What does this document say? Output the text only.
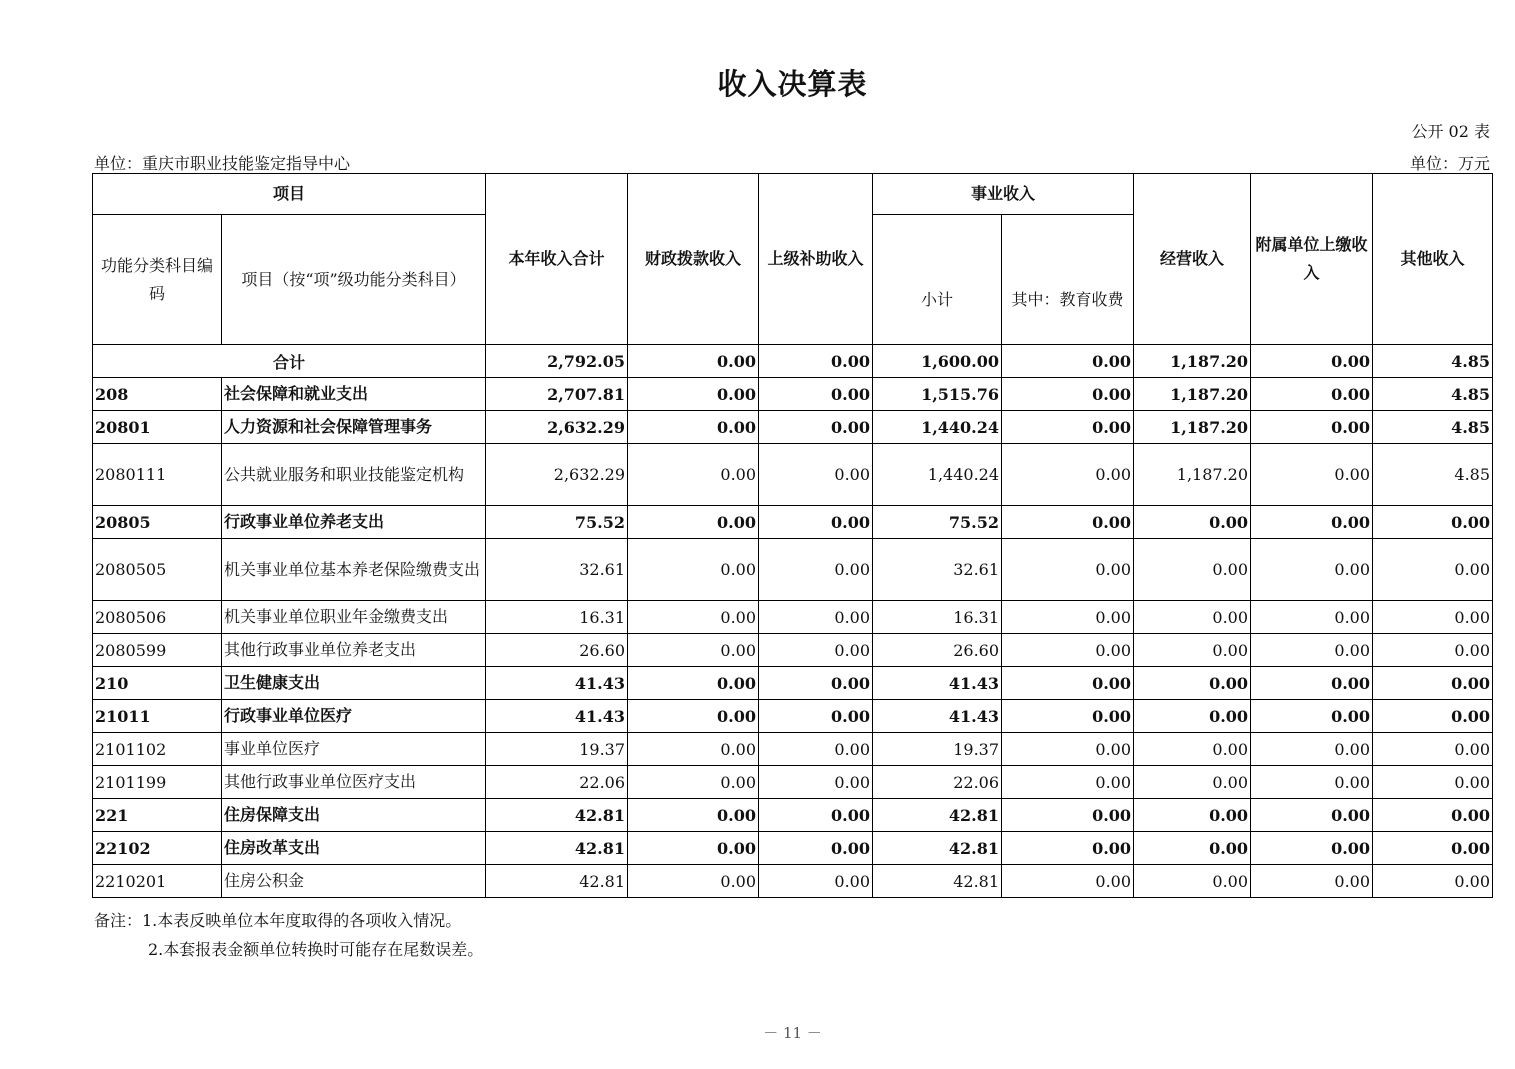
收入决算表
公开 02 表
单位：重庆市职业技能鉴定指导中心	单位：万元
项目		本年收入合计	财政拨款收入	上级补助收入	事业收入		经营收入	附属单位上缴收入	其他收入
功能分类科目编码	项目（按“项”级功能分类科目）				小计	其中：教育收费			
合计		2,792.05	0.00	0.00	1,600.00	0.00	1,187.20	0.00	4.85
208	社会保障和就业支出	2,707.81	0.00	0.00	1,515.76	0.00	1,187.20	0.00	4.85
20801	人力资源和社会保障管理事务	2,632.29	0.00	0.00	1,440.24	0.00	1,187.20	0.00	4.85
2080111	公共就业服务和职业技能鉴定机构	2,632.29	0.00	0.00	1,440.24	0.00	1,187.20	0.00	4.85
20805	行政事业单位养老支出	75.52	0.00	0.00	75.52	0.00	0.00	0.00	0.00
2080505	机关事业单位基本养老保险缴费支出	32.61	0.00	0.00	32.61	0.00	0.00	0.00	0.00
2080506	机关事业单位职业年金缴费支出	16.31	0.00	0.00	16.31	0.00	0.00	0.00	0.00
2080599	其他行政事业单位养老支出	26.60	0.00	0.00	26.60	0.00	0.00	0.00	0.00
210	卫生健康支出	41.43	0.00	0.00	41.43	0.00	0.00	0.00	0.00
21011	行政事业单位医疗	41.43	0.00	0.00	41.43	0.00	0.00	0.00	0.00
2101102	事业单位医疗	19.37	0.00	0.00	19.37	0.00	0.00	0.00	0.00
2101199	其他行政事业单位医疗支出	22.06	0.00	0.00	22.06	0.00	0.00	0.00	0.00
221	住房保障支出	42.81	0.00	0.00	42.81	0.00	0.00	0.00	0.00
22102	住房改革支出	42.81	0.00	0.00	42.81	0.00	0.00	0.00	0.00
2210201	住房公积金	42.81	0.00	0.00	42.81	0.00	0.00	0.00	0.00
备注：1.本表反映单位本年度取得的各项收入情况。
2.本套报表金额单位转换时可能存在尾数误差。
－ 11 －
